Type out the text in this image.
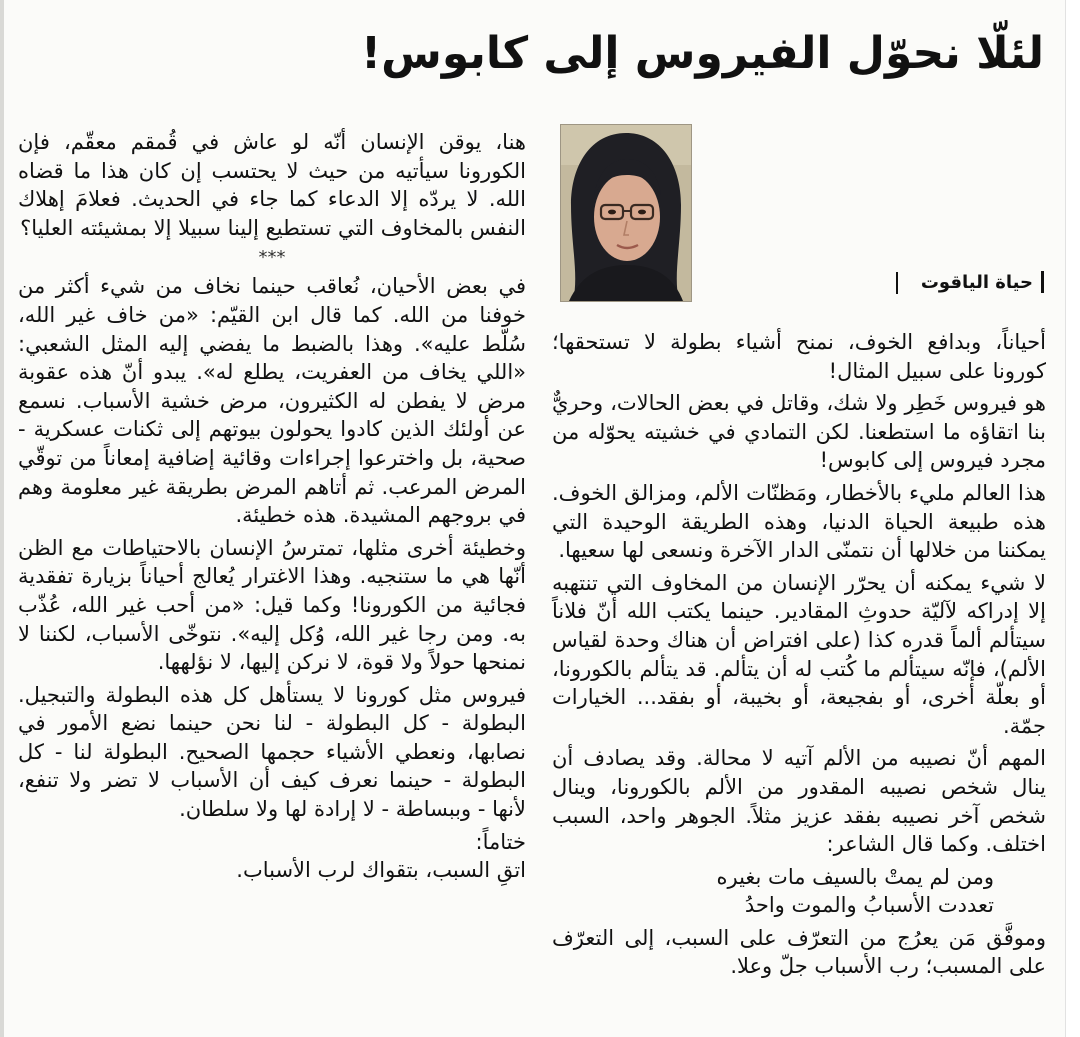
لئلّا نحوّل الفيروس إلى كابوس!
حياة الياقوت

هنا، يوقن الإنسان أنّه لو عاش في قُمقم معقّم، فإن الكورونا سيأتيه من حيث لا يحتسب إن كان هذا ما قضاه الله. لا يردّه إلا الدعاء كما جاء في الحديث. فعلامَ إهلاك النفس بالمخاوف التي تستطيع إلينا سبيلا إلا بمشيئته العليا؟

***

في بعض الأحيان، نُعاقب حينما نخاف من شيء أكثر من خوفنا من الله. كما قال ابن القيّم: «من خاف غير الله، سُلّط عليه». وهذا بالضبط ما يفضي إليه المثل الشعبي: «اللي يخاف من العفريت، يطلع له». يبدو أنّ هذه عقوبة مرض لا يفطن له الكثيرون، مرض خشية الأسباب. نسمع عن أولئك الذين كادوا يحولون بيوتهم إلى ثكنات عسكرية - صحية، بل واخترعوا إجراءات وقائية إضافية إمعاناً من توقّي المرض المرعب. ثم أتاهم المرض بطريقة غير معلومة وهم في بروجهم المشيدة. هذه خطيئة.

وخطيئة أخرى مثلها، تمترسُ الإنسان بالاحتياطات مع الظن أنّها هي ما ستنجيه. وهذا الاغترار يُعالج أحياناً بزيارة تفقدية فجائية من الكورونا! وكما قيل: «من أحب غير الله، عُذّب به. ومن رجا غير الله، وُكل إليه». نتوخّى الأسباب، لكننا لا نمنحها حولاً ولا قوة، لا نركن إليها، لا نؤلهها.

فيروس مثل كورونا لا يستأهل كل هذه البطولة والتبجيل. البطولة - كل البطولة - لنا نحن حينما نضع الأمور في نصابها، ونعطي الأشياء حجمها الصحيح. البطولة لنا - كل البطولة - حينما نعرف كيف أن الأسباب لا تضر ولا تنفع، لأنها - وببساطة - لا إرادة لها ولا سلطان.

ختاماً:

اتقِ السبب، بتقواك لرب الأسباب.

أحياناً، وبدافع الخوف، نمنح أشياء بطولة لا تستحقها؛ كورونا على سبيل المثال!

هو فيروس خَطِر ولا شك، وقاتل في بعض الحالات، وحريٌّ بنا اتقاؤه ما استطعنا. لكن التمادي في خشيته يحوّله من مجرد فيروس إلى كابوس!

هذا العالم مليء بالأخطار، ومَظنّات الألم، ومزالق الخوف. هذه طبيعة الحياة الدنيا، وهذه الطريقة الوحيدة التي يمكننا من خلالها أن نتمنّى الدار الآخرة ونسعى لها سعيها.

لا شيء يمكنه أن يحرّر الإنسان من المخاوف التي تنتهبه إلا إدراكه لآليّة حدوثِ المقادير. حينما يكتب الله أنّ فلاناً سيتألم ألماً قدره كذا (على افتراض أن هناك وحدة لقياس الألم)، فإنّه سيتألم ما كُتب له أن يتألم. قد يتألم بالكورونا، أو بعلّة أخرى، أو بفجيعة، أو بخيبة، أو بفقد... الخيارات جمّة.

المهم أنّ نصيبه من الألم آتيه لا محالة. وقد يصادف أن ينال شخص نصيبه المقدور من الألم بالكورونا، وينال شخص آخر نصيبه بفقد عزيز مثلاً. الجوهر واحد، السبب اختلف. وكما قال الشاعر:

ومن لم يمتْ بالسيف مات بغيره

تعددت الأسبابُ والموت واحدُ

وموفَّق مَن يعرُج من التعرّف على السبب، إلى التعرّف على المسبب؛ رب الأسباب جلّ وعلا.
